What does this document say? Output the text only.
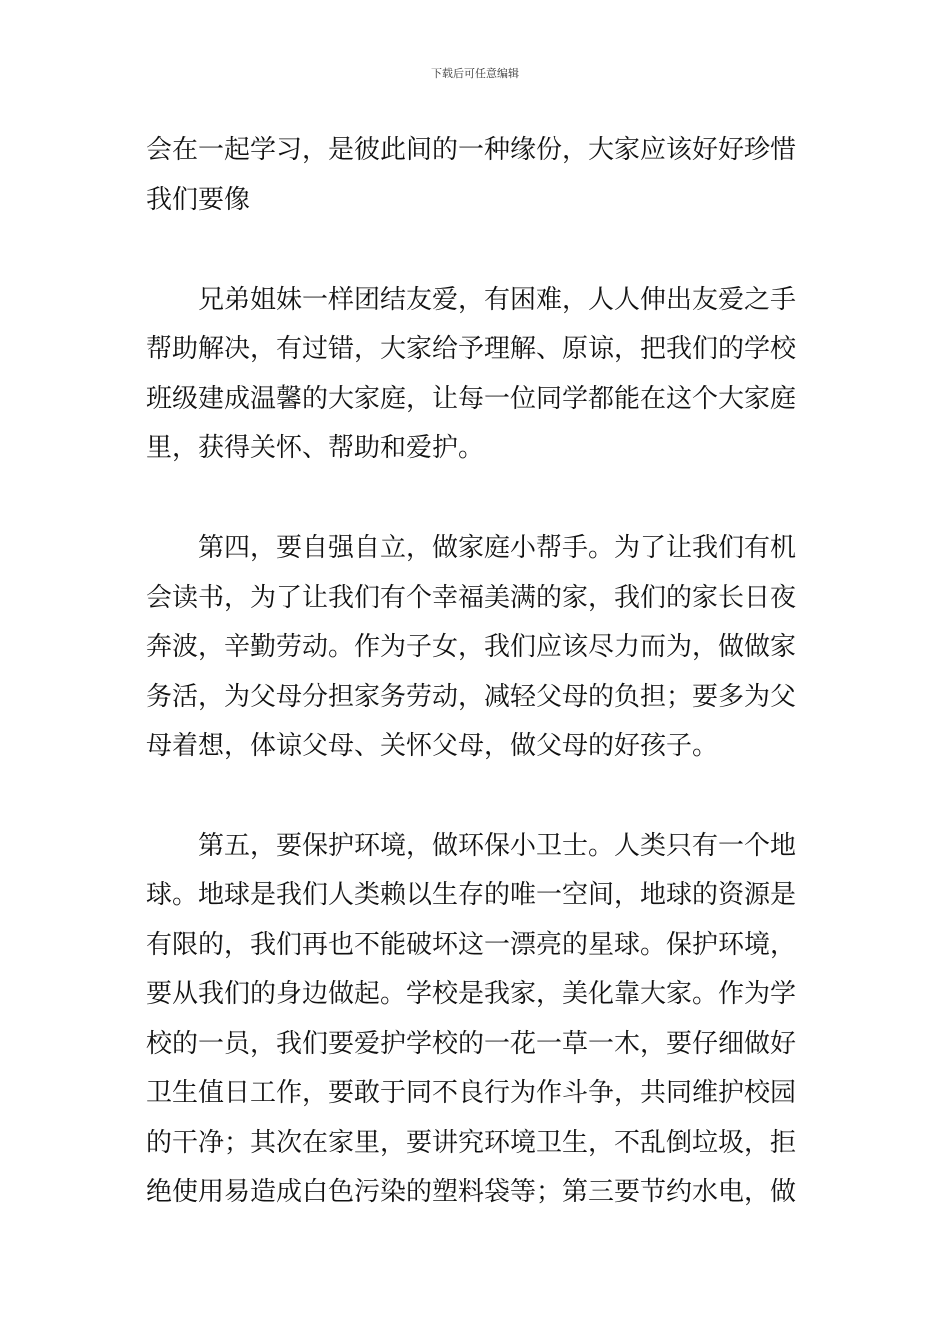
下载后可任意编辑
会在一起学习，是彼此间的一种缘份，大家应该好好珍惜
我们要像
　　兄弟姐妹一样团结友爱，有困难，人人伸出友爱之手
帮助解决，有过错，大家给予理解、原谅，把我们的学校
班级建成温馨的大家庭，让每一位同学都能在这个大家庭
里，获得关怀、帮助和爱护。
　　第四，要自强自立，做家庭小帮手。为了让我们有机
会读书，为了让我们有个幸福美满的家，我们的家长日夜
奔波，辛勤劳动。作为子女，我们应该尽力而为，做做家
务活，为父母分担家务劳动，减轻父母的负担；要多为父
母着想，体谅父母、关怀父母，做父母的好孩子。
　　第五，要保护环境，做环保小卫士。人类只有一个地
球。地球是我们人类赖以生存的唯一空间，地球的资源是
有限的，我们再也不能破坏这一漂亮的星球。保护环境，
要从我们的身边做起。学校是我家，美化靠大家。作为学
校的一员，我们要爱护学校的一花一草一木，要仔细做好
卫生值日工作，要敢于同不良行为作斗争，共同维护校园
的干净；其次在家里，要讲究环境卫生，不乱倒垃圾，拒
绝使用易造成白色污染的塑料袋等；第三要节约水电，做
